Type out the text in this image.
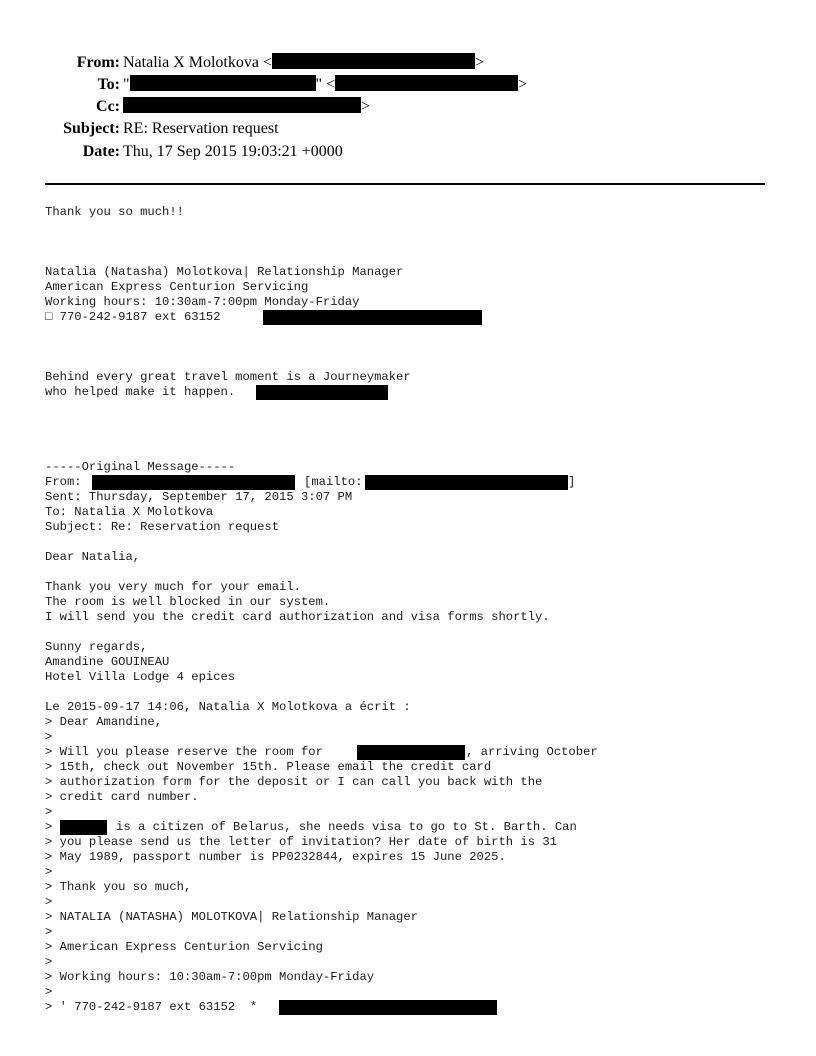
From: Natalia X Molotkova <	>
To: "	" <	>
Cc:	>
Subject: RE: Reservation request
Date: Thu, 17 Sep 2015 19:03:21 +0000
Thank you so much!!
Natalia (Natasha) Molotkova| Relationship Manager
American Express Centurion Servicing
Working hours: 10:30am-7:00pm Monday-Friday
□ 770-242-9187 ext 63152
Behind every great travel moment is a Journeymaker
who helped make it happen.
-----Original Message-----
From:	[mailto:	]
Sent: Thursday, September 17, 2015 3:07 PM
To: Natalia X Molotkova
Subject: Re: Reservation request
Dear Natalia,
Thank you very much for your email.
The room is well blocked in our system.
I will send you the credit card authorization and visa forms shortly.
Sunny regards,
Amandine GOUINEAU
Hotel Villa Lodge 4 epices
Le 2015-09-17 14:06, Natalia X Molotkova a écrit :
> Dear Amandine,
>
> Will you please reserve the room for	, arriving October
> 15th, check out November 15th. Please email the credit card
> authorization form for the deposit or I can call you back with the
> credit card number.
>
>	is a citizen of Belarus, she needs visa to go to St. Barth. Can
> you please send us the letter of invitation? Her date of birth is 31
> May 1989, passport number is PP0232844, expires 15 June 2025.
>
> Thank you so much,
>
> NATALIA (NATASHA) MOLOTKOVA| Relationship Manager
>
> American Express Centurion Servicing
>
> Working hours: 10:30am-7:00pm Monday-Friday
>
> ' 770-242-9187 ext 63152  *
